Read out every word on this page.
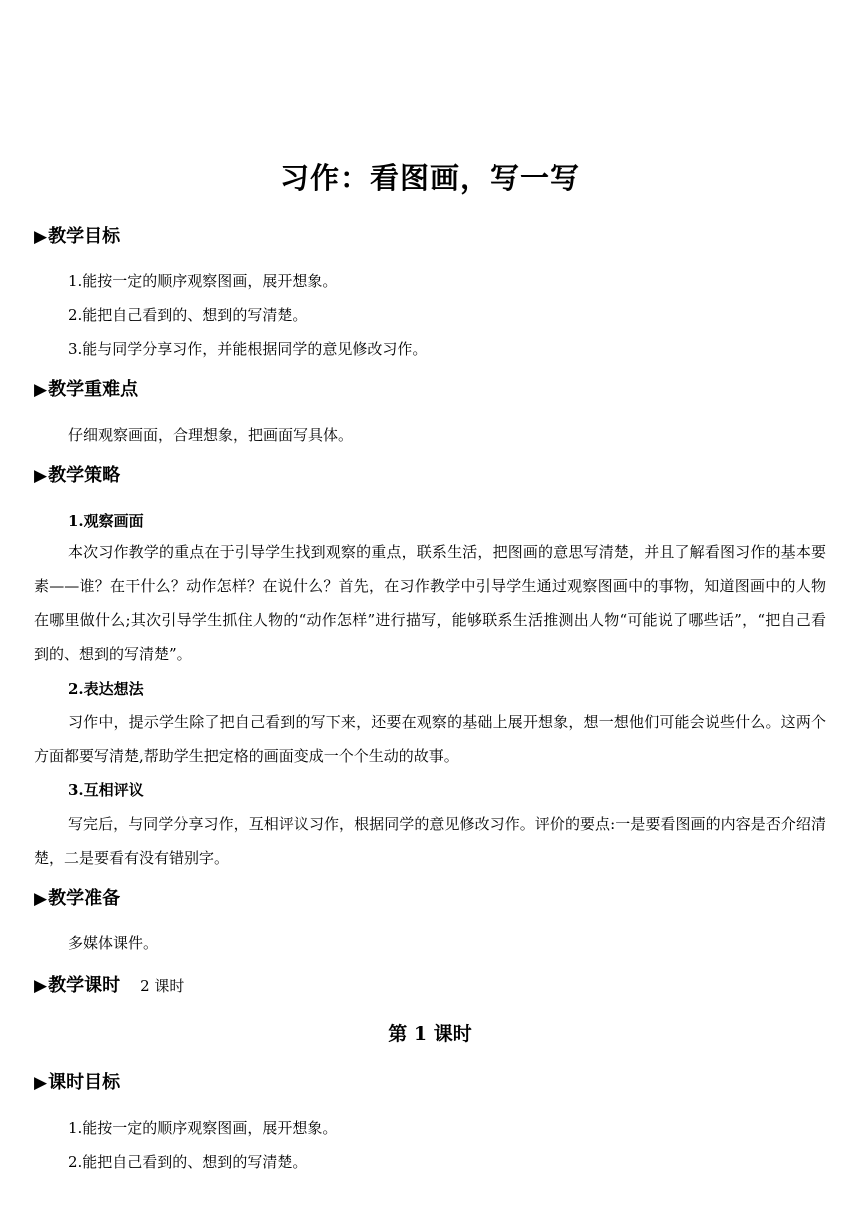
习作：看图画，写一写
▶教学目标
1.能按一定的顺序观察图画，展开想象。
2.能把自己看到的、想到的写清楚。
3.能与同学分享习作，并能根据同学的意见修改习作。
▶教学重难点
仔细观察画面，合理想象，把画面写具体。
▶教学策略
1.观察画面

本次习作教学的重点在于引导学生找到观察的重点，联系生活，把图画的意思写清楚，并且了解看图习作的基本要素——谁？在干什么？动作怎样？在说什么？首先，在习作教学中引导学生通过观察图画中的事物，知道图画中的人物在哪里做什么;其次引导学生抓住人物的“动作怎样”进行描写，能够联系生活推测出人物“可能说了哪些话”，“把自己看到的、想到的写清楚”。

2.表达想法

习作中，提示学生除了把自己看到的写下来，还要在观察的基础上展开想象，想一想他们可能会说些什么。这两个方面都要写清楚,帮助学生把定格的画面变成一个个生动的故事。

3.互相评议

写完后，与同学分享习作，互相评议习作，根据同学的意见修改习作。评价的要点:一是要看图画的内容是否介绍清楚，二是要看有没有错别字。

▶教学准备
多媒体课件。
▶教学课时 2 课时
第 1 课时
▶课时目标
1.能按一定的顺序观察图画，展开想象。
2.能把自己看到的、想到的写清楚。
